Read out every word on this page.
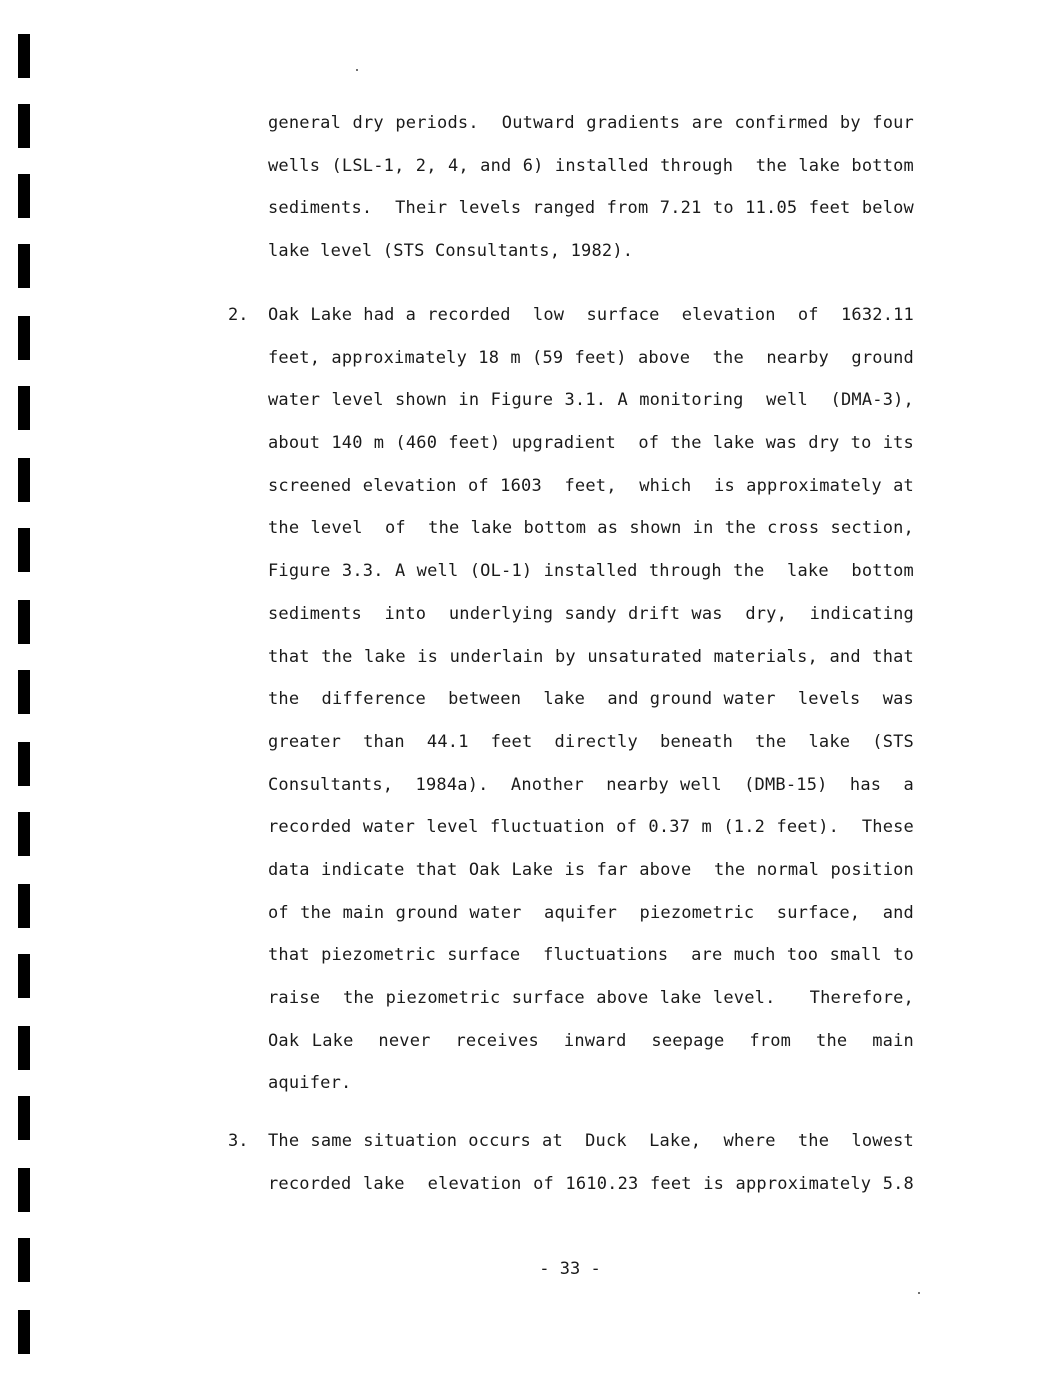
general dry periods.  Outward gradients are confirmed by four
wells (LSL-1, 2, 4, and 6) installed through  the lake bottom
sediments.  Their levels ranged from 7.21 to 11.05 feet below
lake level (STS Consultants, 1982).
2. Oak Lake had a recorded  low  surface  elevation  of  1632.11
feet, approximately 18 m (59 feet) above  the  nearby  ground
water level shown in Figure 3.1. A monitoring  well  (DMA-3),
about 140 m (460 feet) upgradient  of the lake was dry to its
screened elevation of 1603  feet,  which  is approximately at
the level  of  the lake bottom as shown in the cross section,
Figure 3.3. A well (OL-1) installed through the  lake  bottom
sediments  into  underlying sandy drift was  dry,  indicating
that the lake is underlain by unsaturated materials, and that
the  difference  between  lake  and ground water  levels  was
greater  than  44.1  feet  directly  beneath  the  lake  (STS
Consultants,  1984a).  Another  nearby well  (DMB-15)  has  a
recorded water level fluctuation of 0.37 m (1.2 feet).  These
data indicate that Oak Lake is far above  the normal position
of the main ground water  aquifer  piezometric  surface,  and
that piezometric surface  fluctuations  are much too small to
raise  the piezometric surface above lake level.   Therefore,
Oak Lake  never  receives  inward  seepage  from  the  main
aquifer.
3. The same situation occurs at  Duck  Lake,  where  the  lowest
recorded lake  elevation of 1610.23 feet is approximately 5.8
- 33 -
